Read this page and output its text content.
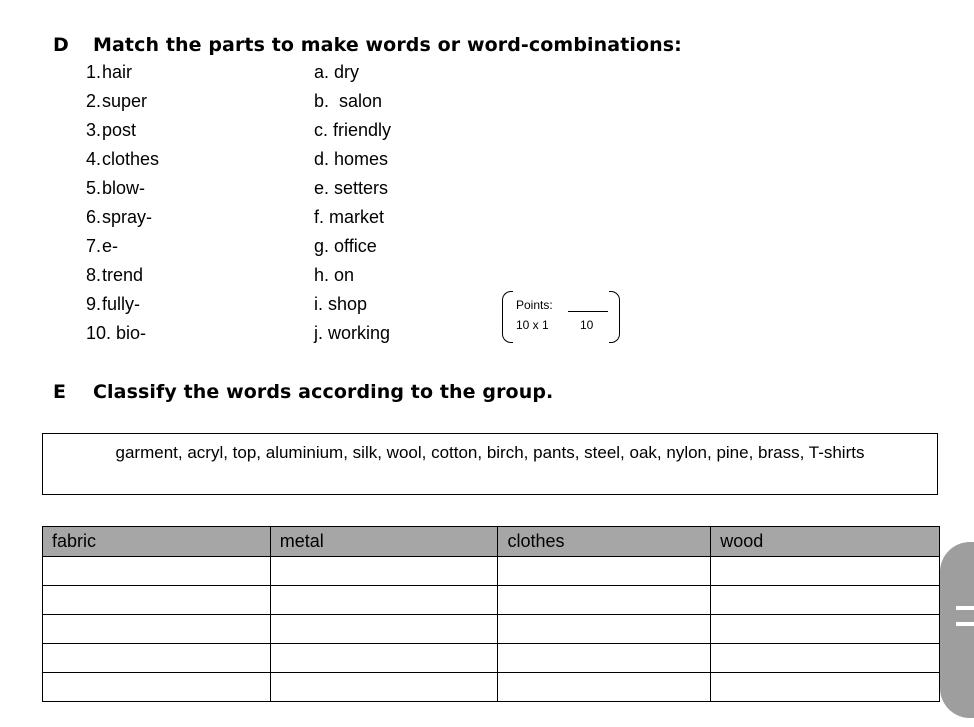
D Match the parts to make words or word-combinations:
1.hair
2.super
3.post
4.clothes
5.blow-
6.spray-
7.e-
8.trend
9.fully-
10. bio-
a. dry
b.  salon
c. friendly
d. homes
e. setters
f. market
g. office
h. on
i. shop
j. working
Points:
10 x 1	10
E Classify the words according to the group.
garment, acryl, top, aluminium, silk, wool, cotton, birch, pants, steel, oak, nylon, pine, brass, T-shirts
fabric	metal	clothes	wood
